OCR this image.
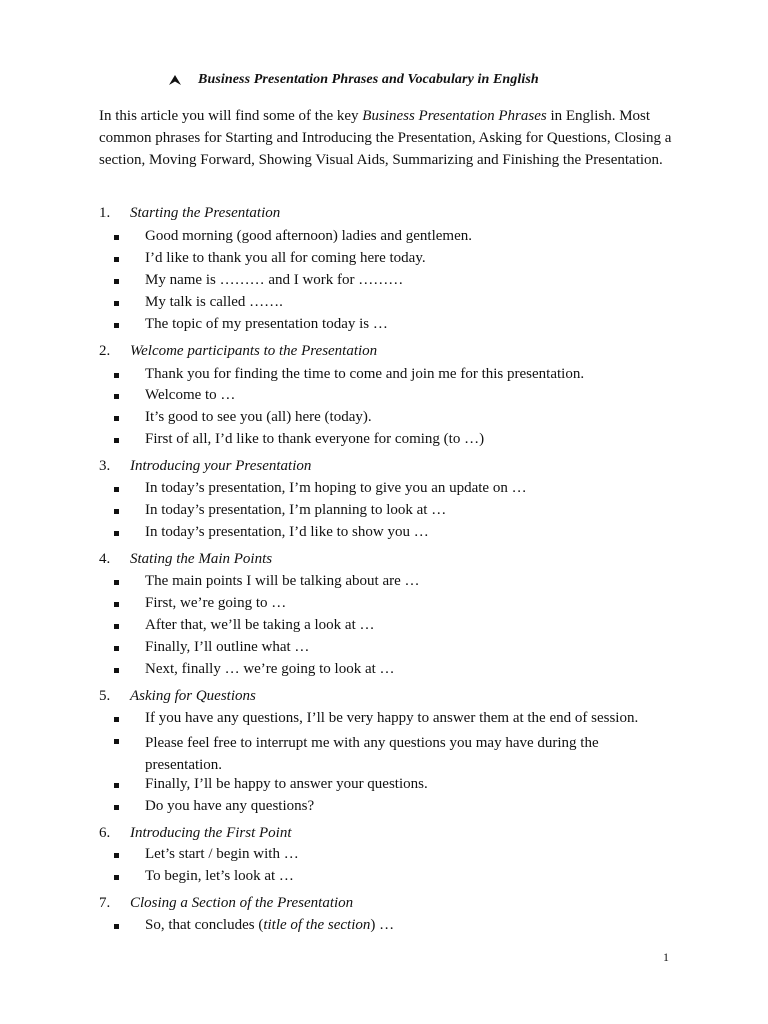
Business Presentation Phrases and Vocabulary in English

In this article you will find some of the key Business Presentation Phrases in English. Most common phrases for Starting and Introducing the Presentation, Asking for Questions, Closing a section, Moving Forward, Showing Visual Aids, Summarizing and Finishing the Presentation.

1. Starting the Presentation
Good morning (good afternoon) ladies and gentlemen.
I’d like to thank you all for coming here today.
My name is ……… and I work for ………
My talk is called …….
The topic of my presentation today is …
2. Welcome participants to the Presentation
Thank you for finding the time to come and join me for this presentation.
Welcome to …
It’s good to see you (all) here (today).
First of all, I’d like to thank everyone for coming (to …)
3. Introducing your Presentation
In today’s presentation, I’m hoping to give you an update on …
In today’s presentation, I’m planning to look at …
In today’s presentation, I’d like to show you …
4. Stating the Main Points
The main points I will be talking about are …
First, we’re going to …
After that, we’ll be taking a look at …
Finally, I’ll outline what …
Next, finally … we’re going to look at …
5. Asking for Questions
If you have any questions, I’ll be very happy to answer them at the end of session.
Please feel free to interrupt me with any questions you may have during the presentation.
Finally, I’ll be happy to answer your questions.
Do you have any questions?
6. Introducing the First Point
Let’s start / begin with …
To begin, let’s look at …
7. Closing a Section of the Presentation
So, that concludes (title of the section) …
1
